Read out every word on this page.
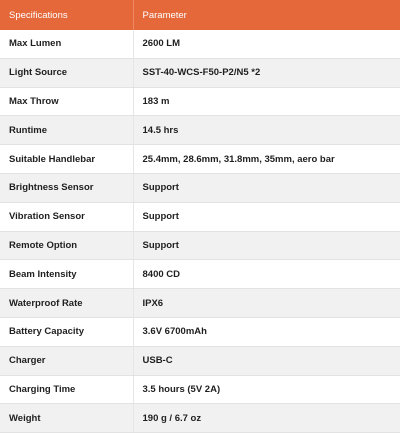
Specifications	Parameter
Max Lumen	2600 LM
Light Source	SST-40-WCS-F50-P2/N5 *2
Max Throw	183 m
Runtime	14.5 hrs
Suitable Handlebar	25.4mm, 28.6mm, 31.8mm, 35mm, aero bar
Brightness Sensor	Support
Vibration Sensor	Support
Remote Option	Support
Beam Intensity	8400 CD
Waterproof Rate	IPX6
Battery Capacity	3.6V 6700mAh
Charger	USB-C
Charging Time	3.5 hours (5V 2A)
Weight	190 g / 6.7 oz
